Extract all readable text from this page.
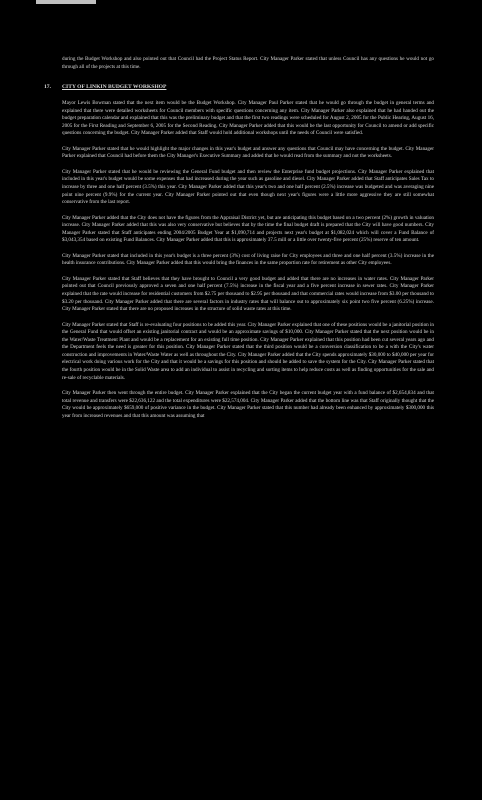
during the Budget Workshop and also pointed out that Council had the Project Status Report. City Manager Parker stated that unless Council has any questions he would not go through all of the projects at this time.

17. CITY OF LINKIN BUDGET WORKSHOP

Mayor Lewis Bowman stated that the next item would be the Budget Workshop. City Manager Paul Parker stated that he would go through the budget in general terms and explained that there were detailed worksheets for Council members with specific questions concerning any item. City Manager Parker also explained that he had handed out the budget preparation calendar and explained that this was the preliminary budget and that the first two readings were scheduled for August 2, 2005 for the Public Hearing, August 16, 2005 for the First Reading and September 6, 2005 for the Second Reading. City Manager Parker added that this would be the last opportunity for Council to amend or add specific questions concerning the budget. City Manager Parker added that Staff would hold additional workshops until the needs of Council were satisfied.

City Manager Parker stated that he would highlight the major changes in this year's budget and answer any questions that Council may have concerning the budget. City Manager Parker explained that Council had before them the City Manager's Executive Summary and added that he would read from the summary and not the worksheets.

City Manager Parker stated that he would be reviewing the General Fund budget and then review the Enterprise fund budget projections. City Manager Parker explained that included in this year's budget would be some expenses that had increased during the year such as gasoline and diesel. City Manager Parker added that Staff anticipates Sales Tax to increase by three and one half percent (3.5%) this year. City Manager Parker added that this year's two and one half percent (2.5%) increase was budgeted and was averaging nine point nine percent (9.9%) for the current year. City Manager Parker pointed out that even though next year's figures were a little more aggressive they are still somewhat conservative from the last report.

City Manager Parker added that the City does not have the figures from the Appraisal District yet, but are anticipating this budget based on a two percent (2%) growth in valuation increase. City Manager Parker added that this was also very conservative but believes that by the time the final budget draft is prepared that the City will have good numbers. City Manager Parker stated that Staff anticipates ending 2004/2005 Budget Year at $1,090,714 and projects next year's budget at $1,082,024 which will cover a Fund Balance of $3,043,354 based on existing Fund Balances. City Manager Parker added that this is approximately 37.5 mill or a little over twenty-five percent (25%) reserve of ten amount.

City Manager Parker stated that included in this year's budget is a three percent (3%) cost of living raise for City employees and three and one half percent (3.5%) increase in the health insurance contributions. City Manager Parker added that this would bring the finances in the same proportion rate for retirement as other City employees.

City Manager Parker stated that Staff believes that they have brought to Council a very good budget and added that there are no increases in water rates. City Manager Parker pointed out that Council previously approved a seven and one half percent (7.5%) increase in the fiscal year and a five percent increase in sewer rates. City Manager Parker explained that the rate would increase for residential customers from $2.75 per thousand to $2.95 per thousand and that commercial rates would increase from $3.00 per thousand to $3.20 per thousand. City Manager Parker added that there are several factors in industry rates that will balance out to approximately six point two five percent (6.25%) increase. City Manager Parker stated that there are no proposed increases in the structure of solid waste rates at this time.

City Manager Parker stated that Staff is re-evaluating four positions to be added this year. City Manager Parker explained that one of these positions would be a janitorial position in the General Fund that would offset an existing janitorial contract and would be an approximate savings of $10,000. City Manager Parker stated that the next position would be in the Water/Waste Treatment Plant and would be a replacement for an existing full time position. City Manager Parker explained that this position had been cut several years ago and the Department feels the need is greater for this position. City Manager Parker stated that the third position would be a conversion classification to be a with the City's water construction and improvements in Water/Waste Water as well as throughout the City. City Manager Parker added that the City spends approximately $30,000 to $40,000 per year for electrical work doing various work for the City and that it would be a savings for this position and should be added to save the system for the City. City Manager Parker stated that the fourth position would be in the Solid Waste area to add an individual to assist in recycling and sorting items to help reduce costs as well as finding opportunities for the sale and re-sale of recyclable materials.

City Manager Parker then went through the entire budget. City Manager Parker explained that the City began the current budget year with a fund balance of $2,654,834 and that total revenue and transfers were $22,636,122 and the total expenditures were $22,574,004. City Manager Parker added that the bottom line was that Staff originally thought that the City would be approximately $659,000 of positive variance in the budget. City Manager Parker stated that this number had already been enhanced by approximately $300,000 this year from increased revenues and that this amount was assuming that
